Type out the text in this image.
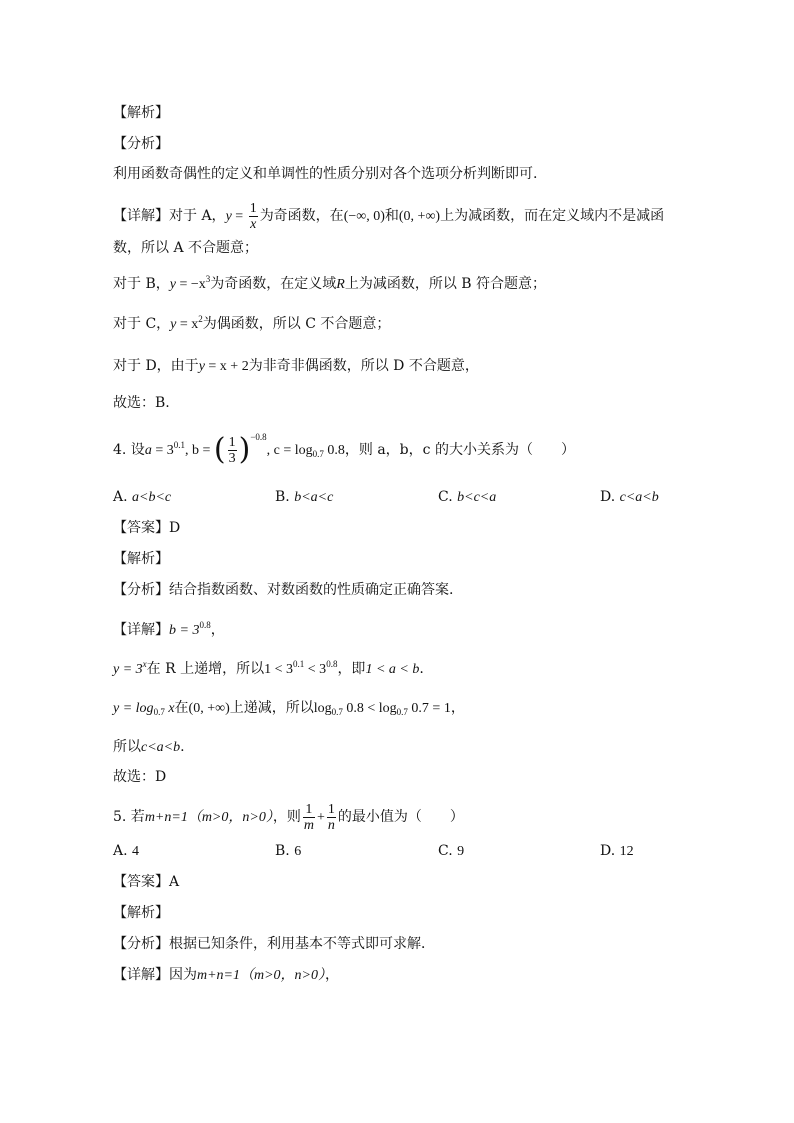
【解析】
【分析】
利用函数奇偶性的定义和单调性的性质分别对各个选项分析判断即可.
【详解】对于 A，$y = \frac{1}{x}$ 为奇函数，在(−∞, 0)和(0, +∞)上为减函数，而在定义域内不是减函
数，所以 A 不合题意；
对于 B，$y = -x^3$为奇函数，在定义域R上为减函数，所以 B 符合题意；
对于 C，$y = x^2$为偶函数，所以 C 不合题意；
对于 D，由于y = x + 2为非奇非偶函数，所以 D 不合题意，
故选：B.
4. 设$a = 3^{0.1}$, b = ( $\frac{1}{3} )^{-0.8}$, $c = \log_{0.7} 0.8$，则 a，b，c 的大小关系为（　　）
A. a<b<c	B. b<a<c	C. b<c<a	D. c<a<b
【答案】D
【解析】
【分析】结合指数函数、对数函数的性质确定正确答案.
【详解】$b = 3^{0.8}$，
$y = 3^x$在 R 上递增，所以$1 < 3^{0.1} < 3^{0.8}$，即1 < a < b.
$y = \log_{0.7} x$在(0, +∞)上递减，所以$\log_{0.7} 0.8 < \log_{0.7} 0.7 = 1$，
所以c<a<b.
故选：D
5. 若m+n=1（m>0，n>0），则 $\frac{1}{m} + \frac{1}{n}$ 的最小值为（　　）
A. 4	B. 6	C. 9	D. 12
【答案】A
【解析】
【分析】根据已知条件，利用基本不等式即可求解．
【详解】因为m+n=1（m>0，n>0），
